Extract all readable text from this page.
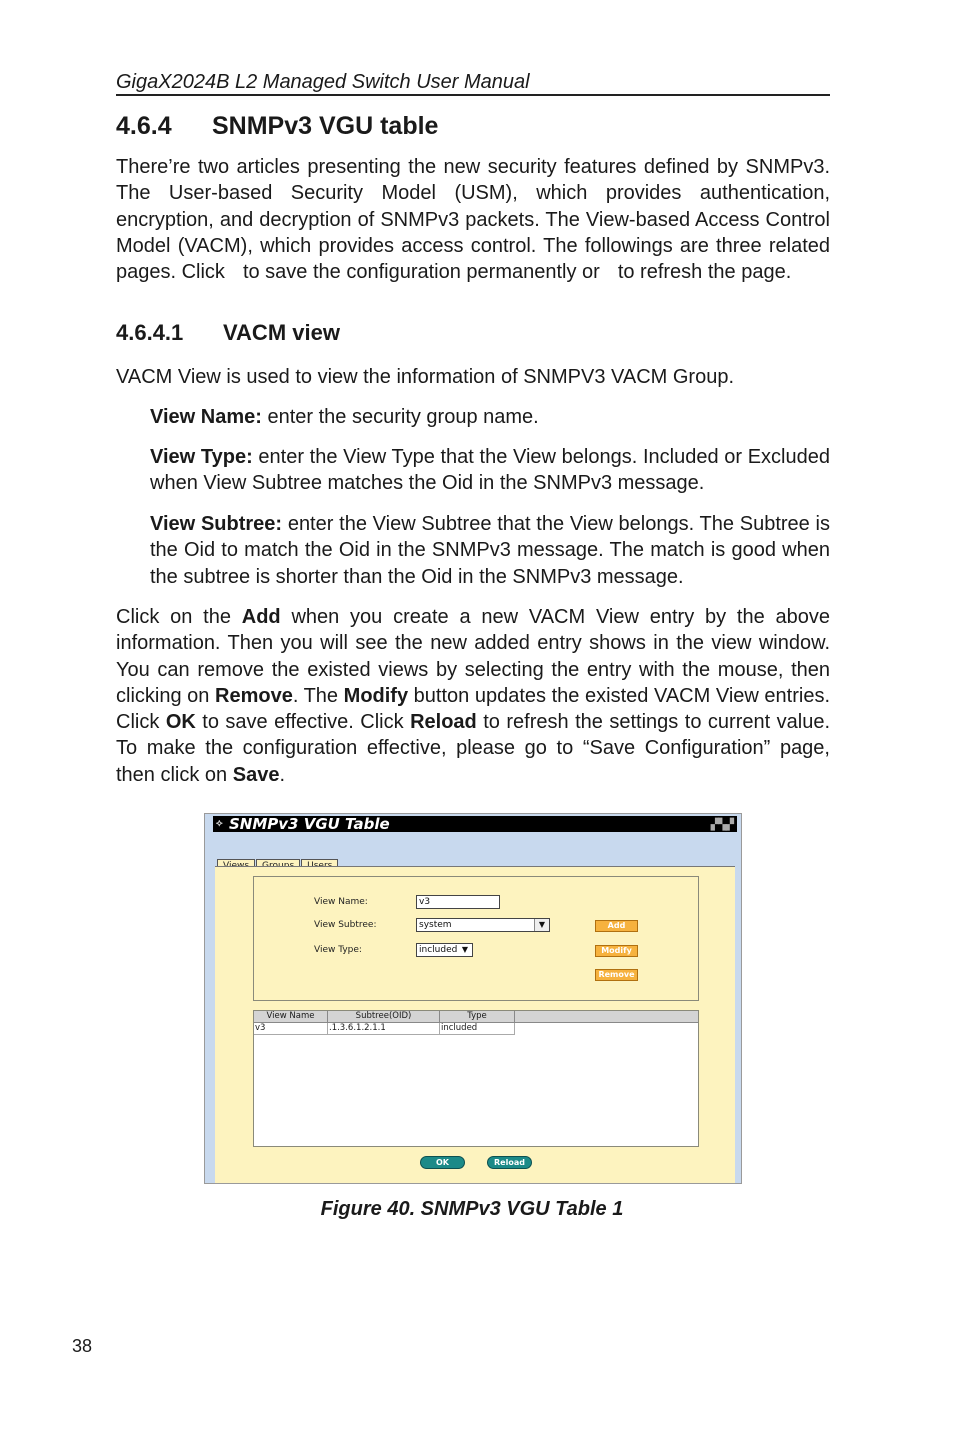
GigaX2024B L2 Managed Switch User Manual
4.6.4 SNMPv3 VGU table
There’re two articles presenting the new security features defined by SNMPv3. The User-based Security Model (USM), which provides authentication, encryption, and decryption of SNMPv3 packets. The View-based Access Control Model (VACM), which provides access control. The followings are three related pages. Click to save the configuration permanently or to refresh the page.
4.6.4.1 VACM view
VACM View is used to view the information of SNMPV3 VACM Group.
View Name: enter the security group name.
View Type: enter the View Type that the View belongs. Included or Excluded when View Subtree matches the Oid in the SNMPv3 message.
View Subtree: enter the View Subtree that the View belongs. The Subtree is the Oid to match the Oid in the SNMPv3 message. The match is good when the subtree is shorter than the Oid in the SNMPv3 message.
Click on the Add when you create a new VACM View entry by the above information. Then you will see the new added entry shows in the view window. You can remove the existed views by selecting the entry with the mouse, then clicking on Remove. The Modify button updates the existed VACM View entries. Click OK to save effective. Click Reload to refresh the settings to current value. To make the configuration effective, please go to “Save Configuration” page, then click on Save.
⟡ SNMPv3 VGU Table	▞▚▞
View Name:	v3
View Subtree:	system	▼
View Type:	included ▼
Add
Modify
Remove
View Name	Subtree(OID)	Type
v3	.1.3.6.1.2.1.1	included
OK	Reload
Figure 40. SNMPv3 VGU Table 1
38
